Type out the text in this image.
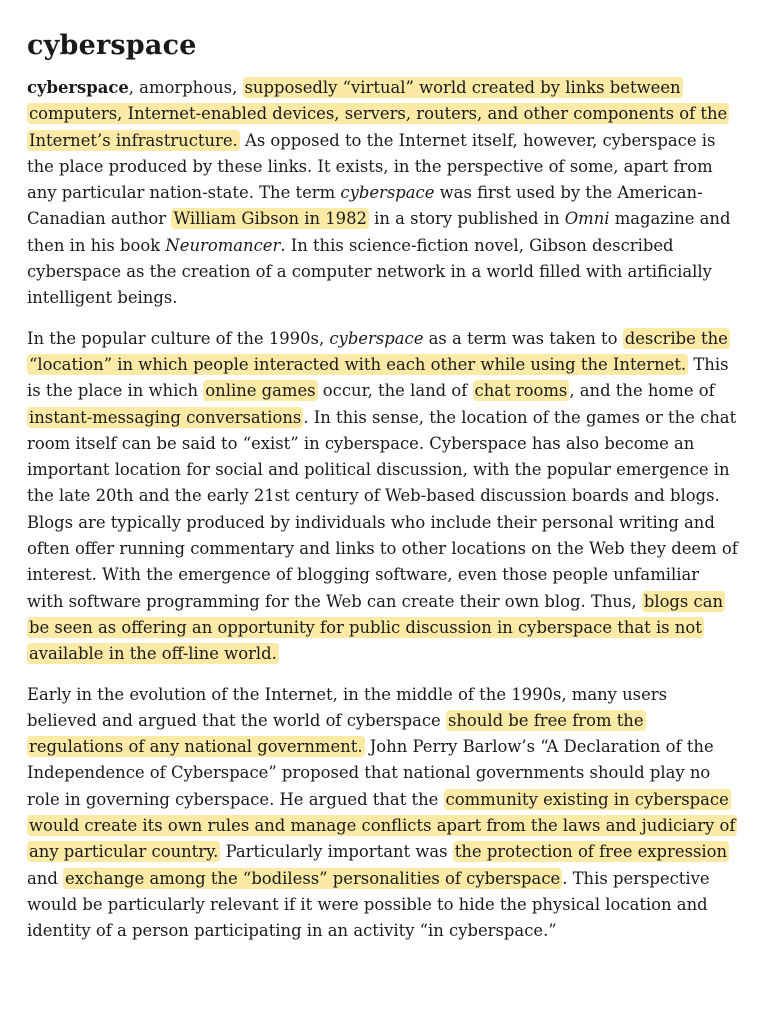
cyberspace

cyberspace, amorphous, supposedly “virtual” world created by links between computers, Internet-enabled devices, servers, routers, and other components of the Internet’s infrastructure. As opposed to the Internet itself, however, cyberspace is the place produced by these links. It exists, in the perspective of some, apart from any particular nation-state. The term cyberspace was first used by the American-Canadian author William Gibson in 1982 in a story published in Omni magazine and then in his book Neuromancer. In this science-fiction novel, Gibson described cyberspace as the creation of a computer network in a world filled with artificially intelligent beings.

In the popular culture of the 1990s, cyberspace as a term was taken to describe the “location” in which people interacted with each other while using the Internet. This is the place in which online games occur, the land of chat rooms , and the home of instant-messaging conversations . In this sense, the location of the games or the chat room itself can be said to “exist” in cyberspace. Cyberspace has also become an important location for social and political discussion, with the popular emergence in the late 20th and the early 21st century of Web-based discussion boards and blogs. Blogs are typically produced by individuals who include their personal writing and often offer running commentary and links to other locations on the Web they deem of interest. With the emergence of blogging software, even those people unfamiliar with software programming for the Web can create their own blog. Thus, blogs can be seen as offering an opportunity for public discussion in cyberspace that is not available in the off-line world.

Early in the evolution of the Internet, in the middle of the 1990s, many users believed and argued that the world of cyberspace should be free from the regulations of any national government. John Perry Barlow’s “A Declaration of the Independence of Cyberspace” proposed that national governments should play no role in governing cyberspace. He argued that the community existing in cyberspace would create its own rules and manage conflicts apart from the laws and judiciary of any particular country. Particularly important was the protection of free expression and exchange among the “bodiless” personalities of cyberspace . This perspective would be particularly relevant if it were possible to hide the physical location and identity of a person participating in an activity “in cyberspace.”
